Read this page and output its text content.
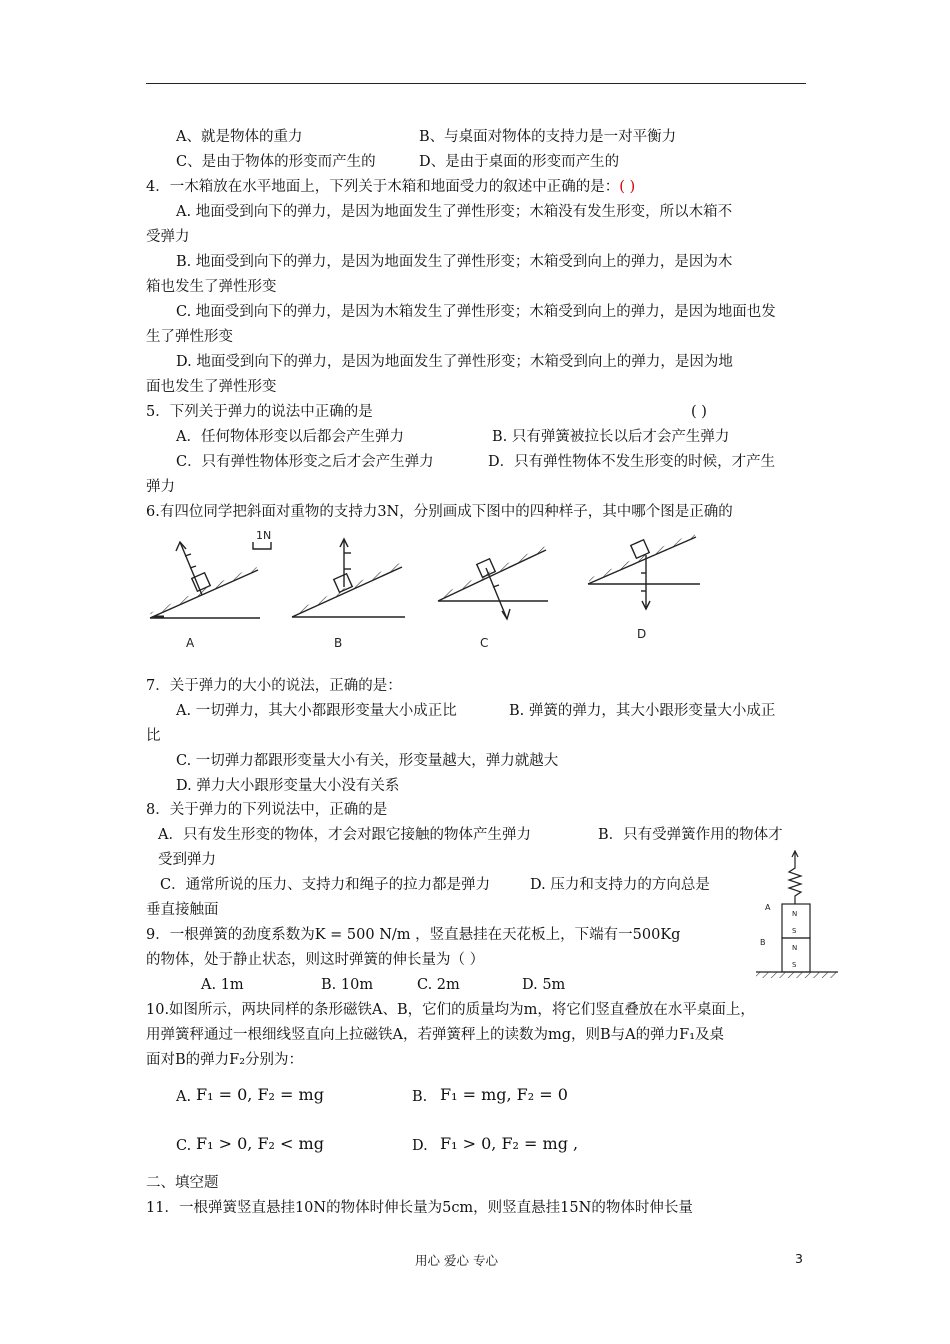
A、就是物体的重力	B、与桌面对物体的支持力是一对平衡力
C、是由于物体的形变而产生的	D、是由于桌面的形变而产生的
4．一木箱放在水平地面上，下列关于木箱和地面受力的叙述中正确的是：( )
A. 地面受到向下的弹力，是因为地面发生了弹性形变；木箱没有发生形变，所以木箱不
受弹力
B. 地面受到向下的弹力，是因为地面发生了弹性形变；木箱受到向上的弹力，是因为木
箱也发生了弹性形变
C. 地面受到向下的弹力，是因为木箱发生了弹性形变；木箱受到向上的弹力，是因为地面也发
生了弹性形变
D. 地面受到向下的弹力，是因为地面发生了弹性形变；木箱受到向上的弹力，是因为地
面也发生了弹性形变
5．下列关于弹力的说法中正确的是	( )
A．任何物体形变以后都会产生弹力	B. 只有弹簧被拉长以后才会产生弹力
C．只有弹性物体形变之后才会产生弹力	D．只有弹性物体不发生形变的时候，才产生
弹力
6.有四位同学把斜面对重物的支持力3N，分别画成下图中的四种样子，其中哪个图是正确的
A
1N
B	C
D
7．关于弹力的大小的说法，正确的是：
A. 一切弹力，其大小都跟形变量大小成正比	B. 弹簧的弹力，其大小跟形变量大小成正
比
C. 一切弹力都跟形变量大小有关，形变量越大，弹力就越大
D. 弹力大小跟形变量大小没有关系
8．关于弹力的下列说法中，正确的是
A．只有发生形变的物体，才会对跟它接触的物体产生弹力	B．只有受弹簧作用的物体才
受到弹力
C．通常所说的压力、支持力和绳子的拉力都是弹力	D. 压力和支持力的方向总是
垂直接触面	N
S
N
S
A
B
9．一根弹簧的劲度系数为K = 500 N/m ，竖直悬挂在天花板上，下端有一500Kg
的物体，处于静止状态，则这时弹簧的伸长量为（ ）
A. 1m	B. 10m	C. 2m	D. 5m
10.如图所示，两块同样的条形磁铁A、B，它们的质量均为m，将它们竖直叠放在水平桌面上，
用弹簧秤通过一根细线竖直向上拉磁铁A，若弹簧秤上的读数为mg，则B与A的弹力F₁及桌
面对B的弹力F₂分别为：
A. F₁ = 0, F₂ = mg	B. F₁ = mg, F₂ = 0
C. F₁ > 0, F₂ < mg	D. F₁ > 0, F₂ = mg ,
二、填空题
11．一根弹簧竖直悬挂10N的物体时伸长量为5cm，则竖直悬挂15N的物体时伸长量
用心 爱心 专心	3
